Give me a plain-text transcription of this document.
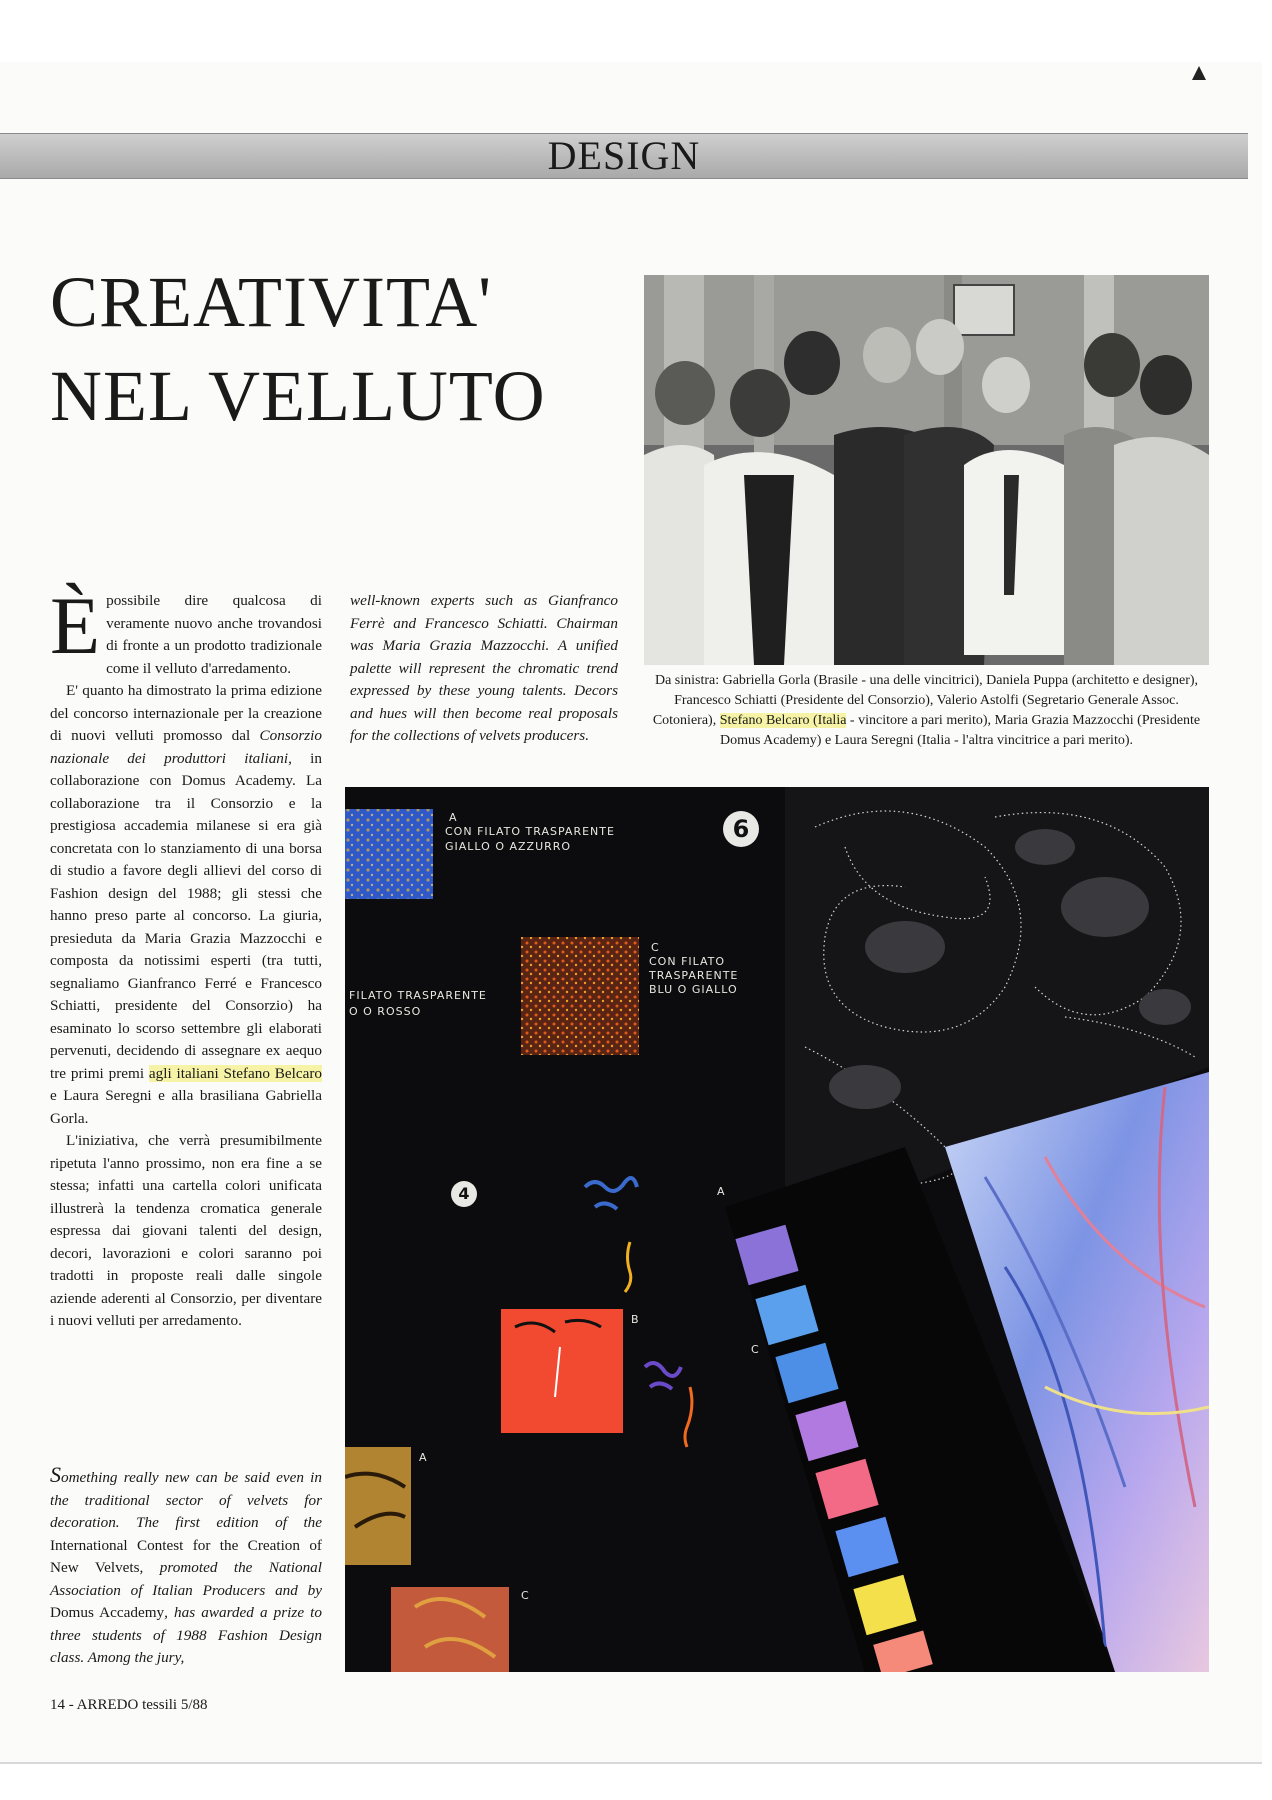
DESIGN
CREATIVITA'
NEL VELLUTO
Da sinistra: Gabriella Gorla (Brasile - una delle vincitrici), Daniela Puppa (architetto e designer), Francesco Schiatti (Presidente del Consorzio), Valerio Astolfi (Segretario Generale Assoc. Cotoniera), Stefano Belcaro (Italia - vincitore a pari merito), Maria Grazia Mazzocchi (Presidente Domus Academy) e Laura Seregni (Italia - l'altra vincitrice a pari merito).

Èpossibile dire qualcosa di veramente nuovo anche trovandosi di fronte a un prodotto tradizionale come il velluto d'arredamento.

E' quanto ha dimostrato la prima edizione del concorso internazionale per la creazione di nuovi velluti promosso dal Consorzio nazionale dei produttori italiani, in collaborazione con Domus Academy. La collaborazione tra il Consorzio e la prestigiosa accademia milanese si era già concretata con lo stanziamento di una borsa di studio a favore degli allievi del corso di Fashion design del 1988; gli stessi che hanno preso parte al concorso. La giuria, presieduta da Maria Grazia Mazzocchi e composta da notissimi esperti (tra tutti, segnaliamo Gianfranco Ferré e Francesco Schiatti, presidente del Consorzio) ha esaminato lo scorso settembre gli elaborati pervenuti, decidendo di assegnare ex aequo tre primi premi agli italiani Stefano Belcaro e Laura Seregni e alla brasiliana Gabriella Gorla.

L'iniziativa, che verrà presumibilmente ripetuta l'anno prossimo, non era fine a se stessa; infatti una cartella colori unificata illustrerà la tendenza cromatica generale espressa dai giovani talenti del design, decori, lavorazioni e colori saranno poi tradotti in proposte reali dalle singole aziende aderenti al Consorzio, per diventare i nuovi velluti per arredamento.

well-known experts such as Gianfranco Ferrè and Francesco Schiatti. Chairman was Maria Grazia Mazzocchi. A unified palette will represent the chromatic trend expressed by these young talents. Decors and hues will then become real proposals for the collections of velvets producers.
Something really new can be said even in the traditional sector of velvets for decoration. The first edition of the International Contest for the Creation of New Velvets, promoted the National Association of Italian Producers and by Domus Accademy, has awarded a prize to three students of 1988 Fashion Design class. Among the jury,
A
CON FILATO TRASPARENTE
GIALLO O AZZURRO
6
C
CON FILATO
TRASPARENTE
BLU O GIALLO
FILATO TRASPARENTE
O O ROSSO
4	A
B
C
A
C
14 - ARREDO tessili 5/88
